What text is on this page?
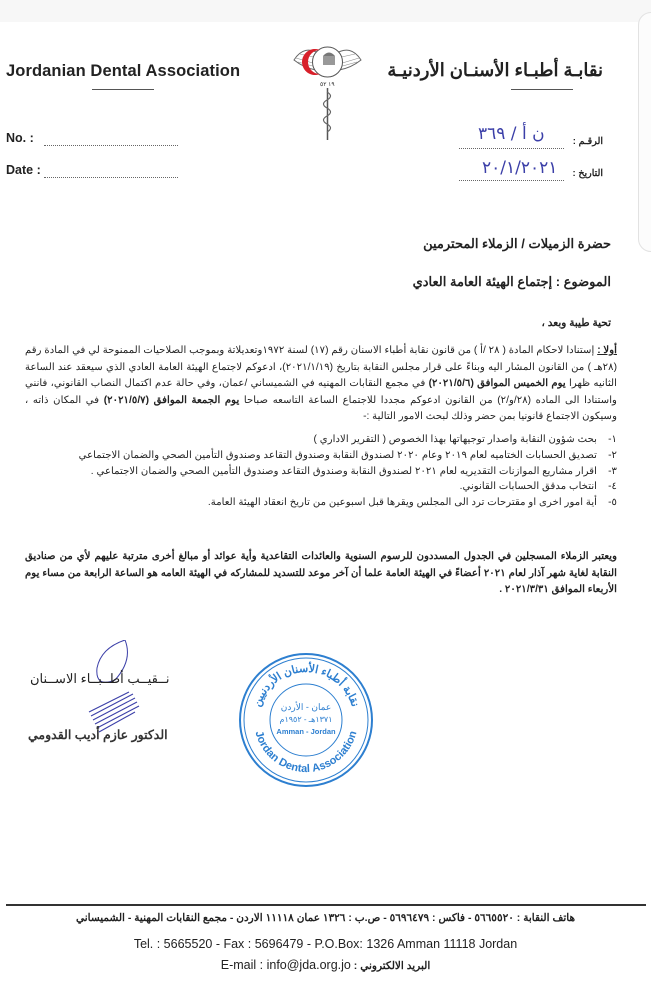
Jordanian Dental Association	نقابـة أطبـاء الأسنـان الأردنيـة
١٩ ٥٢
No. :
Date :
الرقـم :
ن أ / ٣٦٩
التاريخ :
٢٠/١/٢٠٢١
حضرة الزميلات / الزملاء المحترمين
الموضوع : إجتماع الهيئة العامة العادي
تحية طيبة وبعد ،
أولا : إستنادا لاحكام المادة ( ٢٨ /أ ) من قانون نقابة أطباء الاسنان رقم (١٧) لسنة ١٩٧٢وتعديلاتة وبموجب الصلاحيات الممنوحة لي في المادة رقم (٢٨هـ ) من القانون المشار اليه وبناءً على قرار مجلس النقابة بتاريخ (٢٠٢١/١/١٩)، ادعوكم لاجتماع الهيئة العامة العادي الذي سيعقد عند الساعة الثانيه ظهرا يوم الخميس الموافق (٢٠٢١/٥/٦) في مجمع النقابات المهنيه في الشميساني /عمان، وفي حالة عدم اكتمال النصاب القانوني، فانني واستنادا الى الماده (٢٨/و/٢) من القانون ادعوكم مجددا للاجتماع الساعة التاسعه صباحا يوم الجمعة الموافق (٢٠٢١/٥/٧) في المكان ذاته ، وسيكون الاجتماع قانونيا بمن حضر وذلك لبحث الامور التالية :-
١-
بحث شؤون النقابة واصدار توجيهاتها بهذا الخصوص ( التقرير الاداري )
٢-
تصديق الحسابات الختاميه لعام ٢٠١٩ وعام ٢٠٢٠ لصندوق النقابة وصندوق التقاعد وصندوق التأمين الصحي والضمان الاجتماعي
٣-
اقرار مشاريع الموازنات التقديريه لعام ٢٠٢١ لصندوق النقابة وصندوق التقاعد وصندوق التأمين الصحي والضمان الاجتماعي .
٤-
انتخاب مدقق الحسابات القانوني.
٥-
أية امور اخرى او مقترحات ترد الى المجلس ويقرها قبل اسبوعين من تاريخ انعقاد الهيئة العامة.
ويعتبر الزملاء المسجلين في الجدول المسددون للرسوم السنوية والعائدات التقاعدية وأية عوائد أو مبالغ أخرى مترتبة عليهم لأي من صناديق النقابة لغاية شهر آذار لعام ٢٠٢١ أعضاءً في الهيئة العامة علما أن آخر موعد للتسديد للمشاركه في الهيئة العامه هو الساعة الرابعة من مساء يوم الأربعاء الموافق ٢٠٢١/٣/٣١ .
نــقيــب أطــبــاء الاســنان
الدكتور عازم أديب القدومي
نقابة أطباء الأسنان الأردنيين
Jordan Dental Association
عمان - الأردن
١٣٧١هـ - ١٩٥٢م
Amman - Jordan
هاتف النقابة : ٥٦٦٥٥٢٠ - فاكس : ٥٦٩٦٤٧٩ - ص.ب : ١٣٢٦ عمان ١١١١٨ الاردن - مجمع النقابات المهنية - الشميساني
Tel. : 5665520 - Fax : 5696479 - P.O.Box: 1326 Amman 11118 Jordan
E-mail : info@jda.org.jo : البريد الالكتروني
